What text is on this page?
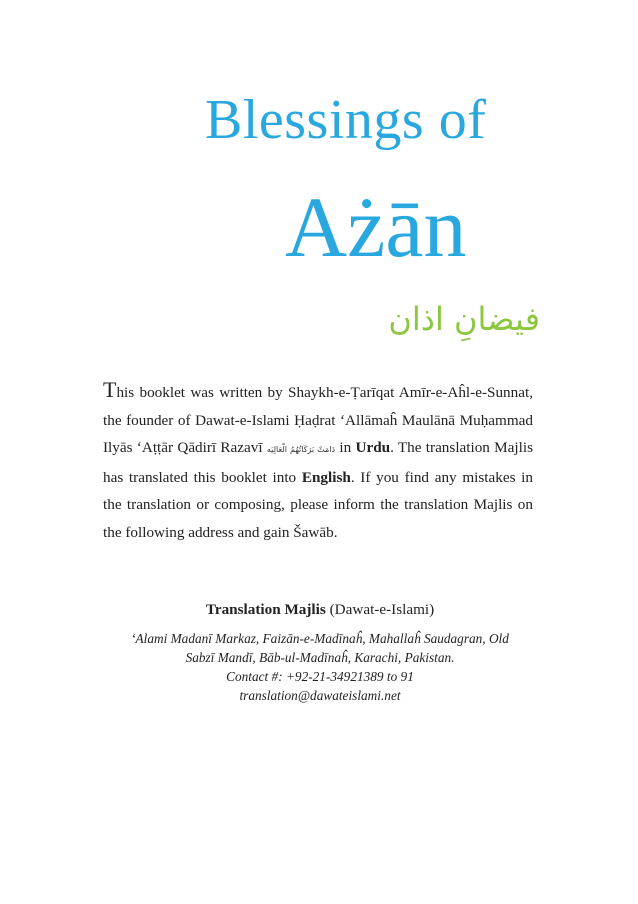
Blessings of
Ażān
فیضانِ اذان

This booklet was written by Shaykh-e-Ṭarīqat Amīr-e-Aĥl-e-Sunnat, the founder of Dawat-e-Islami Ḥaḍrat ‘Allāmaĥ Maulānā Muḥammad Ilyās ‘Aṭṭār Qādirī Razavī دَامَتْ بَرَكَاتُهُمُ الْعَالِيَه in Urdu. The translation Majlis has translated this booklet into English. If you find any mistakes in the translation or composing, please inform the translation Majlis on the following address and gain Šawāb.

Translation Majlis (Dawat-e-Islami)
‘Alami Madanī Markaz, Faizān-e-Madīnaĥ, Mahallaĥ Saudagran, Old
Sabzī Mandī, Bāb-ul-Madīnaĥ, Karachi, Pakistan.
Contact #: +92-21-34921389 to 91
translation@dawateislami.net
